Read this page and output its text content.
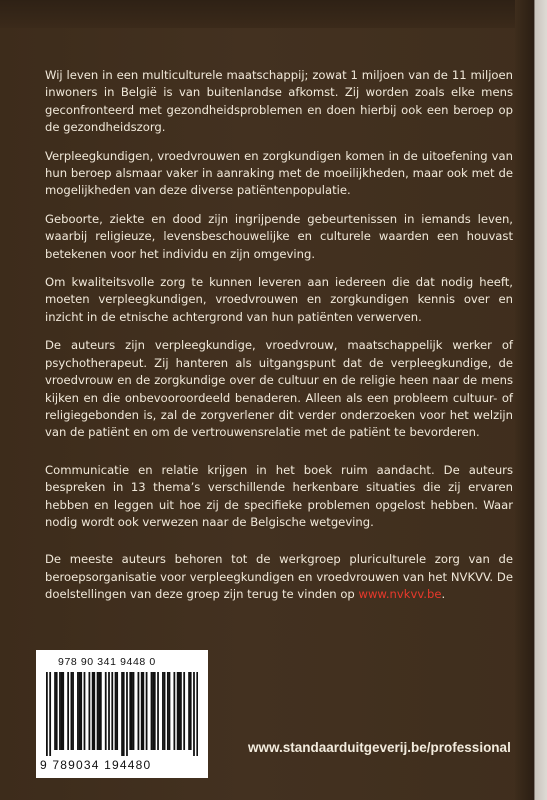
Wij leven in een multiculturele maatschappij; zowat 1 miljoen van de 11 miljoen inwoners in België is van buitenlandse afkomst. Zij worden zoals elke mens geconfronteerd met gezondheidsproblemen en doen hierbij ook een beroep op de gezondheidszorg.

Verpleegkundigen, vroedvrouwen en zorgkundigen komen in de uitoefening van hun beroep alsmaar vaker in aanraking met de moeilijkheden, maar ook met de mogelijkheden van deze diverse patiëntenpopulatie.

Geboorte, ziekte en dood zijn ingrijpende gebeurtenissen in iemands leven, waarbij religieuze, levensbeschouwelijke en culturele waarden een houvast betekenen voor het individu en zijn omgeving.

Om kwaliteitsvolle zorg te kunnen leveren aan iedereen die dat nodig heeft, moeten verpleegkundigen, vroedvrouwen en zorgkundigen kennis over en inzicht in de etnische achtergrond van hun patiënten verwerven.

De auteurs zijn verpleegkundige, vroedvrouw, maatschappelijk werker of psychotherapeut. Zij hanteren als uitgangspunt dat de verpleegkundige, de vroedvrouw en de zorgkundige over de cultuur en de religie heen naar de mens kijken en die onbevooroordeeld benaderen. Alleen als een probleem cultuur- of religiegebonden is, zal de zorgverlener dit verder onderzoeken voor het welzijn van de patiënt en om de vertrouwensrelatie met de patiënt te bevorderen.

Communicatie en relatie krijgen in het boek ruim aandacht. De auteurs bespreken in 13 thema’s verschillende herkenbare situaties die zij ervaren hebben en leggen uit hoe zij de specifieke problemen opgelost hebben. Waar nodig wordt ook verwezen naar de Belgische wetgeving.

De meeste auteurs behoren tot de werkgroep pluriculturele zorg van de beroepsorganisatie voor verpleegkundigen en vroedvrouwen van het NVKVV. De doelstellingen van deze groep zijn terug te vinden op www.nvkvv.be.

978 90 341 9448 0
9 789034 194480
www.standaarduitgeverij.be/professional
